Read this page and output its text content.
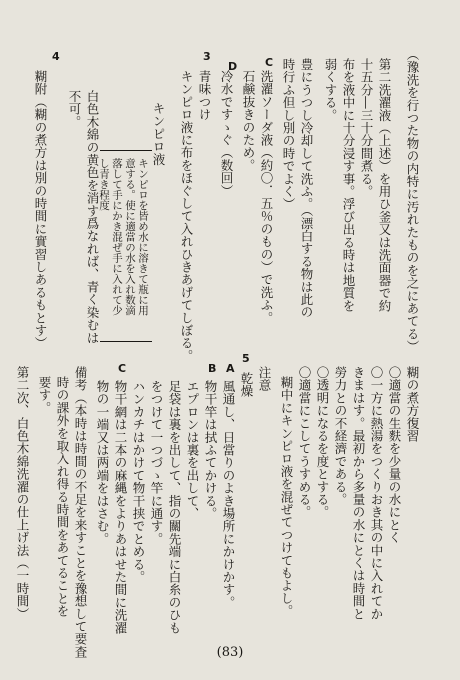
（豫洗を行つた物の内特に汚れたものを之にあてる）
第二洗濯液（上述）を用ひ釜又は洗面器で約
十五分―三十分間煮る。
布を液中に十分浸す事。浮び出る時は地質を
弱くする。
豊にうつし冷却して洗ふ。（漂白する物は此の
時行ふ但し別の時でよく）
C
洗濯ソーダ液（約〇．五％のもの）で洗ふ。
石鹸抜きのため。
D
冷水ですゝぐ（数回）
3
青味つけ
キンピロ液に布をほぐして入れひきあげてしぼる。
キンピロ液
キンピロを皆め水に溶きて瓶に用
意する。使に適當の水を入れ数滴
落して手にかき混ぜ手に入れて少
し青き程度
白色木綿の黄色を消す爲なれば、青く染むは
不可。
4
糊附（糊の煮方は別の時間に實習しあるもとす）
糊の煮方復習
〇適當の生麩を少量の水にとく
〇一方に熱湯をつくりおき其の中に入れてか
きまはす。最初から多量の水にとくは時間と
勞力との不経濟である。
〇透明になるを度とする。
〇適當にこしてうすめる。
糊中にキンピロ液を混ぜてつけてもよし。
注意
5
乾燥
A
風通し、日當りのよき場所にかけかす。
B
物干竿は拭ふてかける。
エプロンは裏を出して、
足袋は裏を出して、指の關先端に白糸のひも
をつけて一つづゝ竿に通す。
ハンカチはかけて物干挟でとめる。
C
物干網は二本の麻縄をよりあはせた間に洗濯
物の一端又は两端をはさむ。
備考（本時は時間の不足を来すことを豫想して要査
時の課外を取入れ得る時間をあてることを
要す。
第二次、白色木綿洗濯の仕上げ法（一時間）
(83)
